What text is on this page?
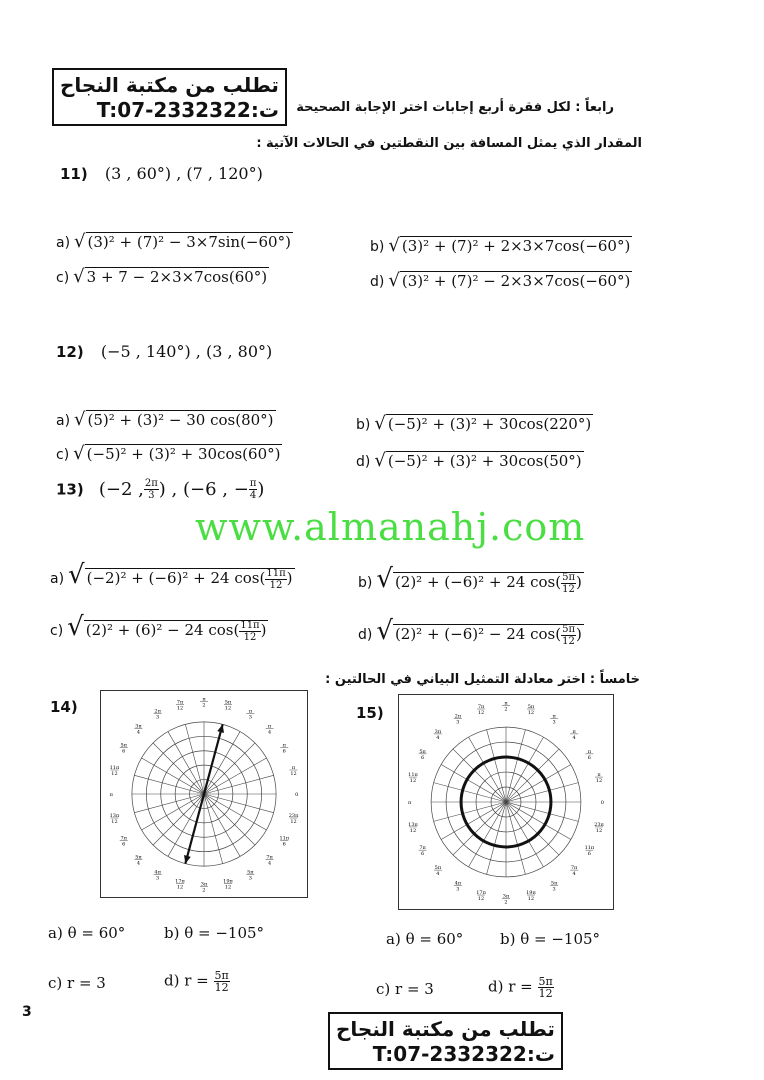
تطلب من مكتبة النجاح
T:07-2332322:ت رابعاً : لكل فقرة أربع إجابات اختر الإجابة الصحيحة
المقدار الذي يمثل المسافة بين النقطتين في الحالات الآتية :
11) (3 , 60°) , (7 , 120°)
a) √ (3)² + (7)² − 3×7sin(−60°)	b) √ (3)² + (7)² + 2×3×7cos(−60°)
c) √ 3 + 7 − 2×3×7cos(60°)	d) √ (3)² + (7)² − 2×3×7cos(−60°)
12) (−5 , 140°) , (3 , 80°)
a) √ (5)² + (3)² − 30 cos(80°)	b) √ (−5)² + (3)² + 30cos(220°)
c) √ (−5)² + (3)² + 30cos(60°)	d) √ (−5)² + (3)² + 30cos(50°)
13) (−2 , $\frac{2\pi}{3}$ ) , (−6 , − $\frac{\pi}{4}$ )
www.almanahj.com
a) √ (−2)² + (−6)² + 24 $\cos( \frac{11\pi}{12}$ )	b) √ (2)² + (−6)² + 24 $\cos( \frac{5\pi}{12}$ )
c) √ (2)² + (6)² − 24 $\cos( \frac{11\pi}{12}$ )	d) √ (2)² + (−6)² − 24 $\cos( \frac{5\pi}{12}$ )
خامساً : اختر معادلة التمثيل البياني في الحالتين :
14)	π
2	5π
12
π
3
π
4
π
6
π
12
0
23π
12
11π
6
7π
4
5π
3
19π
12
3π
2
17π
12
4π
3
5π
4
7π
6
13π
12
π
11π
12
5π
6
3π
4
2π
3
7π
12	15)
π
2	5π
12
π
3
π
4
π
6
π
12
0
23π
12
11π
6
7π
4
5π
3
19π
12
3π
2
17π
12
4π
3
5π
4
7π
6
13π
12
π
11π
12
5π
6
3π
4
2π
3
7π
12
a) θ = 60°	b) θ = −105°
c) r = 3	d) $r = \frac{5\pi}{12}$
a) θ = 60° b) θ = −105°
c) r = 3	d) $r = \frac{5\pi}{12}$
3
تطلب من مكتبة النجاح
T:07-2332322:ت
